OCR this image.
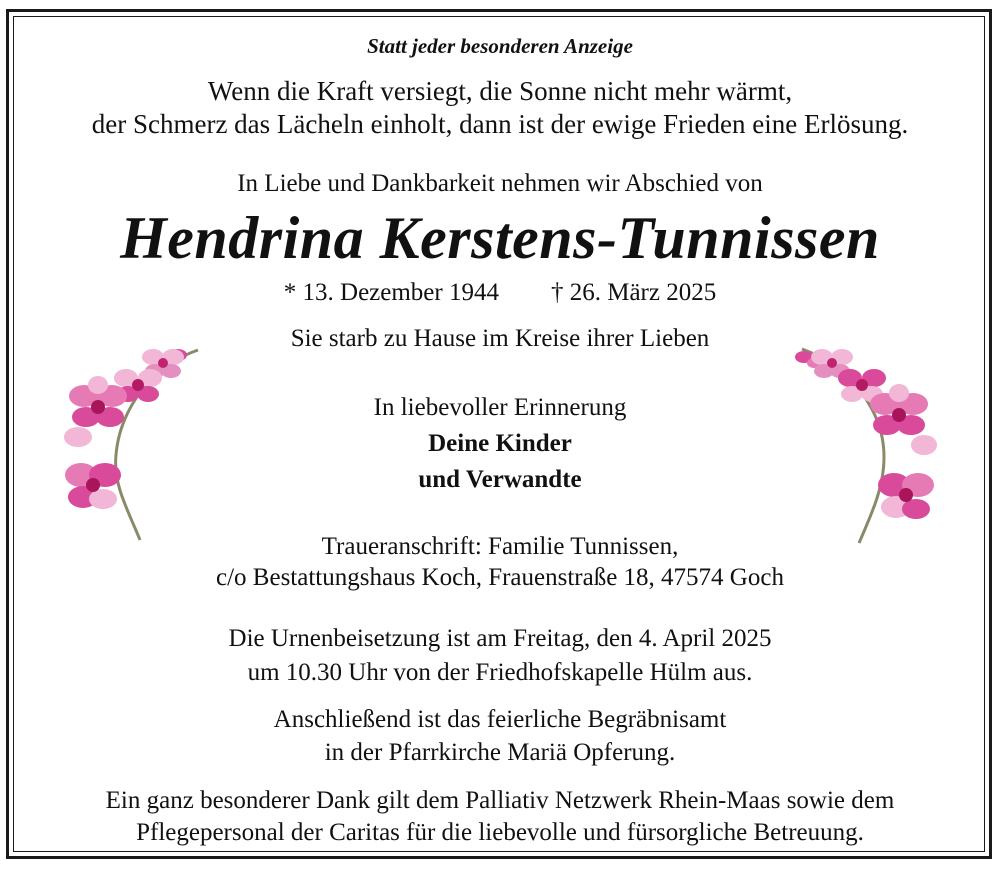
Statt jeder besonderen Anzeige
Wenn die Kraft versiegt, die Sonne nicht mehr wärmt,
der Schmerz das Lächeln einholt, dann ist der ewige Frieden eine Erlösung.
In Liebe und Dankbarkeit nehmen wir Abschied von
Hendrina Kerstens-Tunnissen
* 13. Dezember 1944 † 26. März 2025
Sie starb zu Hause im Kreise ihrer Lieben
In liebevoller Erinnerung
Deine Kinder
und Verwandte
Traueranschrift: Familie Tunnissen,
c/o Bestattungshaus Koch, Frauenstraße 18, 47574 Goch
Die Urnenbeisetzung ist am Freitag, den 4. April 2025
um 10.30 Uhr von der Friedhofskapelle Hülm aus.
Anschließend ist das feierliche Begräbnisamt
in der Pfarrkirche Mariä Opferung.
Ein ganz besonderer Dank gilt dem Palliativ Netzwerk Rhein-Maas sowie dem
Pflegepersonal der Caritas für die liebevolle und fürsorgliche Betreuung.
